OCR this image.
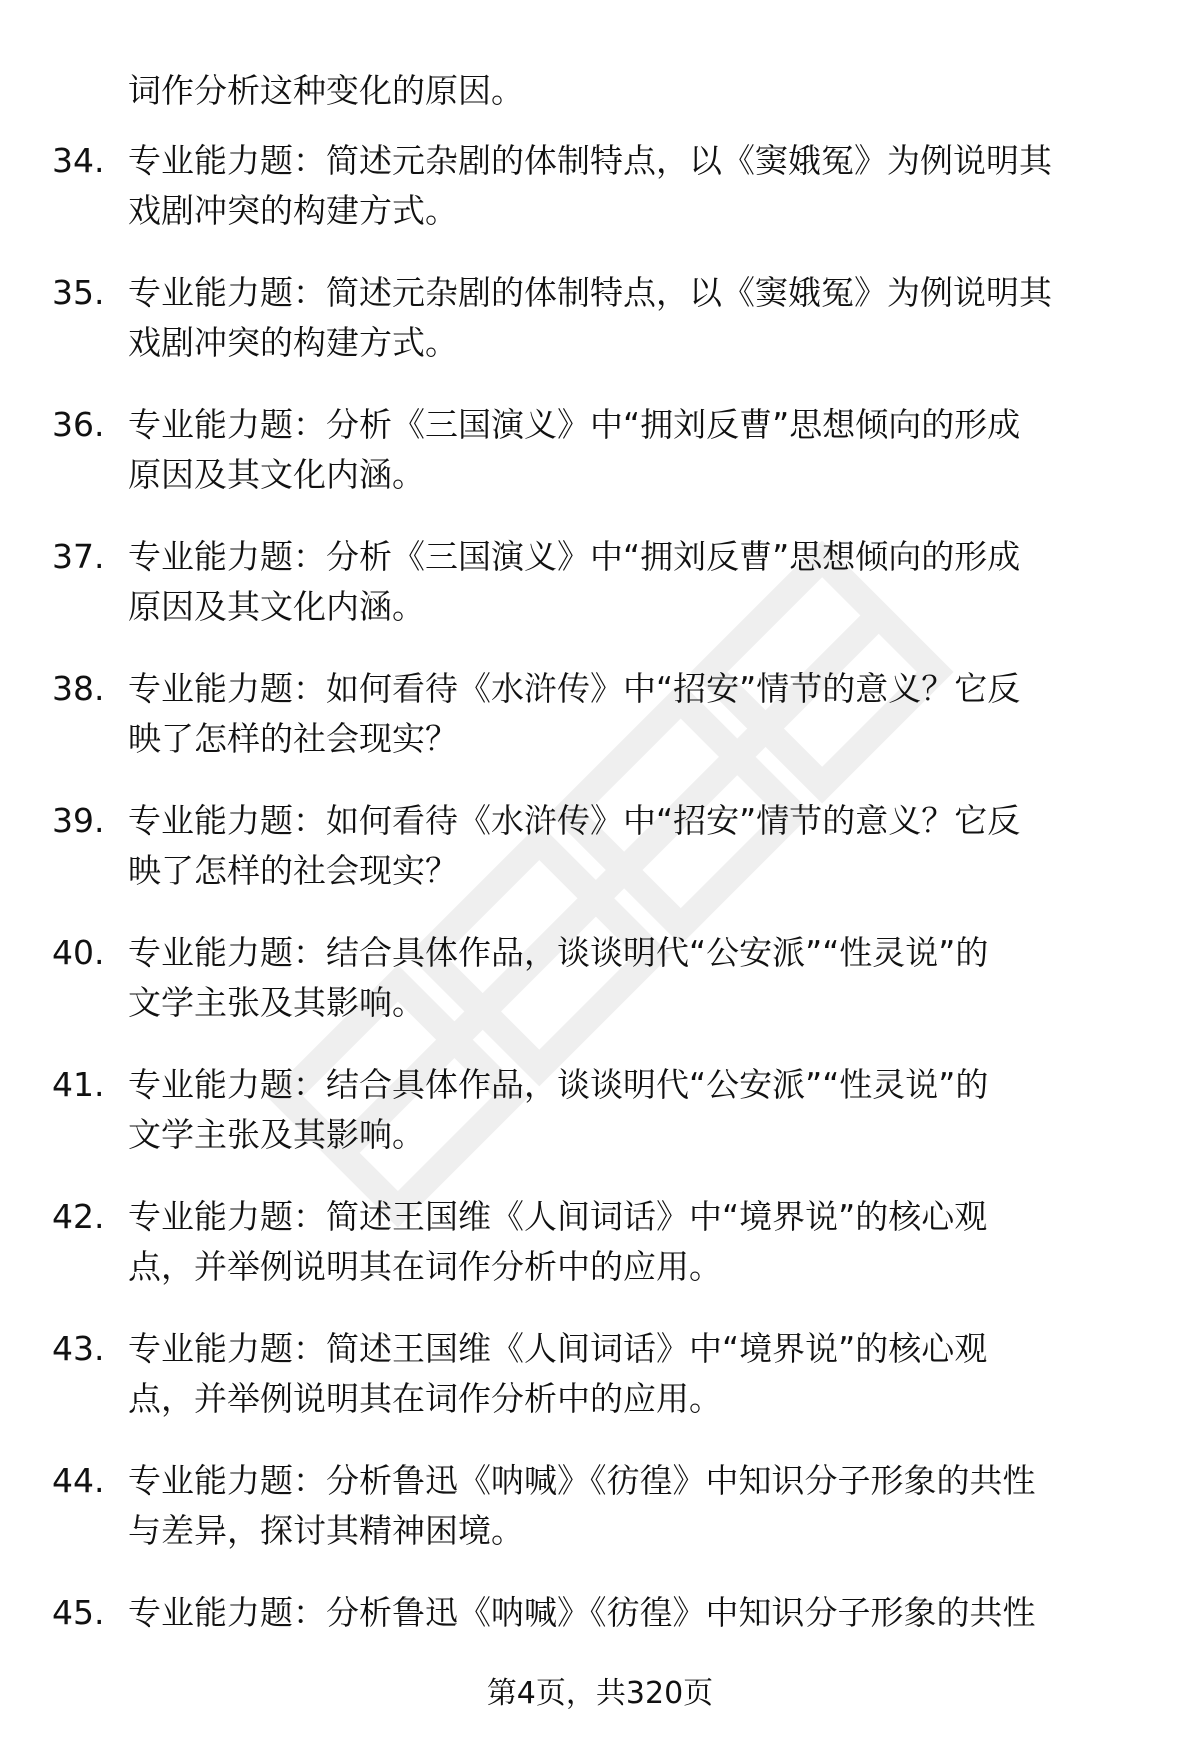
词作分析这种变化的原因。

34. 专业能力题：简述元杂剧的体制特点，以《窦娥冤》为例说明其
戏剧冲突的构建方式。
35. 专业能力题：简述元杂剧的体制特点，以《窦娥冤》为例说明其
戏剧冲突的构建方式。
36. 专业能力题：分析《三国演义》中“拥刘反曹”思想倾向的形成
原因及其文化内涵。
37. 专业能力题：分析《三国演义》中“拥刘反曹”思想倾向的形成
原因及其文化内涵。
38. 专业能力题：如何看待《水浒传》中“招安”情节的意义？它反
映了怎样的社会现实？
39. 专业能力题：如何看待《水浒传》中“招安”情节的意义？它反
映了怎样的社会现实？
40. 专业能力题：结合具体作品，谈谈明代“公安派”“性灵说”的
文学主张及其影响。
41. 专业能力题：结合具体作品，谈谈明代“公安派”“性灵说”的
文学主张及其影响。
42. 专业能力题：简述王国维《人间词话》中“境界说”的核心观
点，并举例说明其在词作分析中的应用。
43. 专业能力题：简述王国维《人间词话》中“境界说”的核心观
点，并举例说明其在词作分析中的应用。
44. 专业能力题：分析鲁迅《呐喊》《彷徨》中知识分子形象的共性
与差异，探讨其精神困境。
45. 专业能力题：分析鲁迅《呐喊》《彷徨》中知识分子形象的共性
第4页，共320页
